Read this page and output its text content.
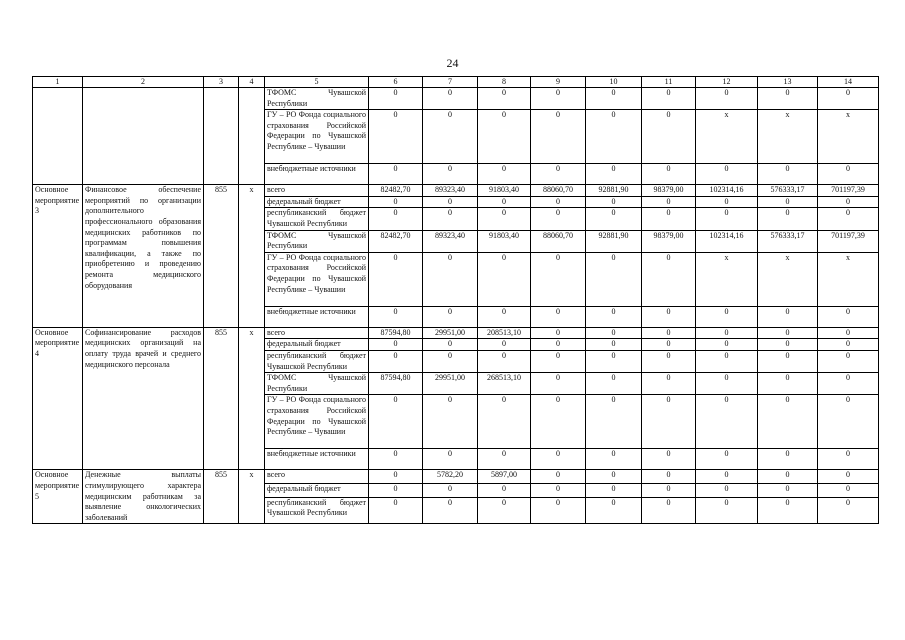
24
1	2	3	4	5	6	7	8	9	10	11	12	13	14

				ТФОМС Чувашской Республики	0	0	0	0	0	0	0	0	0

				ГУ – РО Фонда социального страхования Российской Федерации по Чувашской Республике – Чувашии	0	0	0	0	0	0	x	x	x

				внебюджетные источники	0	0	0	0	0	0	0	0	0
Основное мероприятие 3	Финансовое обеспечение мероприятий по организации дополнительного профессионального образования медицинских работников по программам повышения квалификации, а также по приобретению и проведению ремонта медицинского оборудования	855	x	всего	82482,70	89323,40	91803,40	88060,70	92881,90	98379,00	102314,16	576333,17	701197,39

				федеральный бюджет	0	0	0	0	0	0	0	0	0

				республиканский бюджет Чувашской Республики	0	0	0	0	0	0	0	0	0

				ТФОМС Чувашской Республики	82482,70	89323,40	91803,40	88060,70	92881,90	98379,00	102314,16	576333,17	701197,39

				ГУ – РО Фонда социального страхования Российской Федерации по Чувашской Республике – Чувашии	0	0	0	0	0	0	x	x	x

				внебюджетные источники	0	0	0	0	0	0	0	0	0
Основное мероприятие 4	Софинансирование расходов медицинских организаций на оплату труда врачей и среднего медицинского персонала	855	x	всего	87594,80	29951,00	208513,10	0	0	0	0	0	0

				федеральный бюджет	0	0	0	0	0	0	0	0	0

				республиканский бюджет Чувашской Республики	0	0	0	0	0	0	0	0	0

				ТФОМС Чувашской Республики	87594,80	29951,00	268513,10	0	0	0	0	0	0

				ГУ – РО Фонда социального страхования Российской Федерации по Чувашской Республике – Чувашии	0	0	0	0	0	0	0	0	0

				внебюджетные источники	0	0	0	0	0	0	0	0	0
Основное мероприятие 5	Денежные выплаты стимулирующего характера медицинским работникам за выявление онкологических заболеваний	855	x	всего	0	5782,20	5897,00	0	0	0	0	0	0

				федеральный бюджет	0	0	0	0	0	0	0	0	0

				республиканский бюджет Чувашской Республики	0	0	0	0	0	0	0	0	0
